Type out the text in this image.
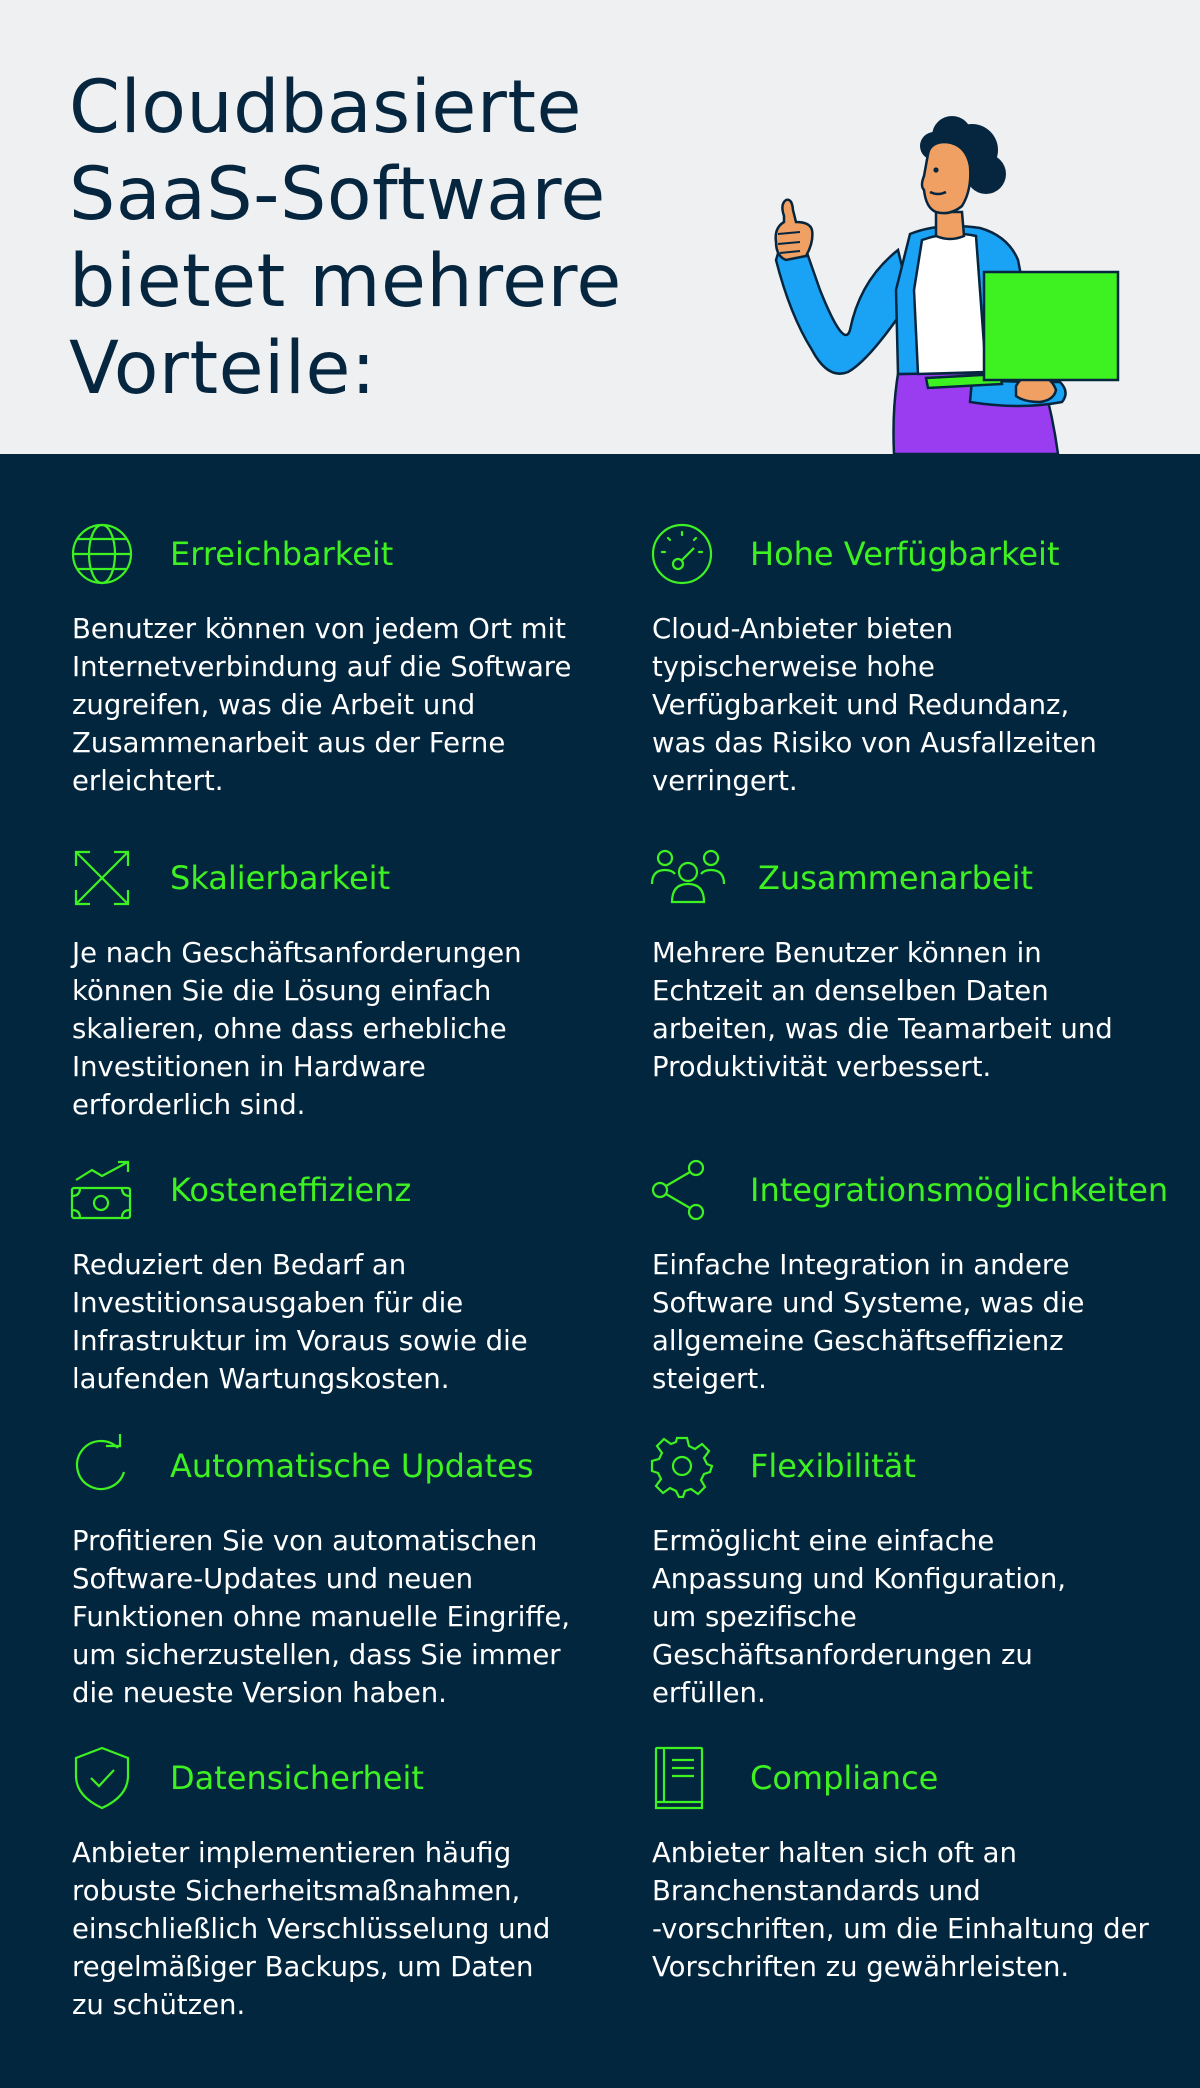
Cloudbasierte
SaaS-Software
bietet mehrere
Vorteile:
Erreichbarkeit

Benutzer können von jedem Ort mit
Internetverbindung auf die Software
zugreifen, was die Arbeit und
Zusammenarbeit aus der Ferne
erleichtert.

Hohe Verfügbarkeit

Cloud-Anbieter bieten
typischerweise hohe
Verfügbarkeit und Redundanz,
was das Risiko von Ausfallzeiten
verringert.

Skalierbarkeit

Je nach Geschäftsanforderungen
können Sie die Lösung einfach
skalieren, ohne dass erhebliche
Investitionen in Hardware
erforderlich sind.

Zusammenarbeit

Mehrere Benutzer können in
Echtzeit an denselben Daten
arbeiten, was die Teamarbeit und
Produktivität verbessert.

Kosteneffizienz

Reduziert den Bedarf an
Investitionsausgaben für die
Infrastruktur im Voraus sowie die
laufenden Wartungskosten.

Integrationsmöglichkeiten

Einfache Integration in andere
Software und Systeme, was die
allgemeine Geschäftseffizienz
steigert.

Automatische Updates

Profitieren Sie von automatischen
Software-Updates und neuen
Funktionen ohne manuelle Eingriffe,
um sicherzustellen, dass Sie immer
die neueste Version haben.

Flexibilität

Ermöglicht eine einfache
Anpassung und Konfiguration,
um spezifische
Geschäftsanforderungen zu
erfüllen.

Datensicherheit

Anbieter implementieren häufig
robuste Sicherheitsmaßnahmen,
einschließlich Verschlüsselung und
regelmäßiger Backups, um Daten
zu schützen.

Compliance

Anbieter halten sich oft an
Branchenstandards und
-vorschriften, um die Einhaltung der
Vorschriften zu gewährleisten.
